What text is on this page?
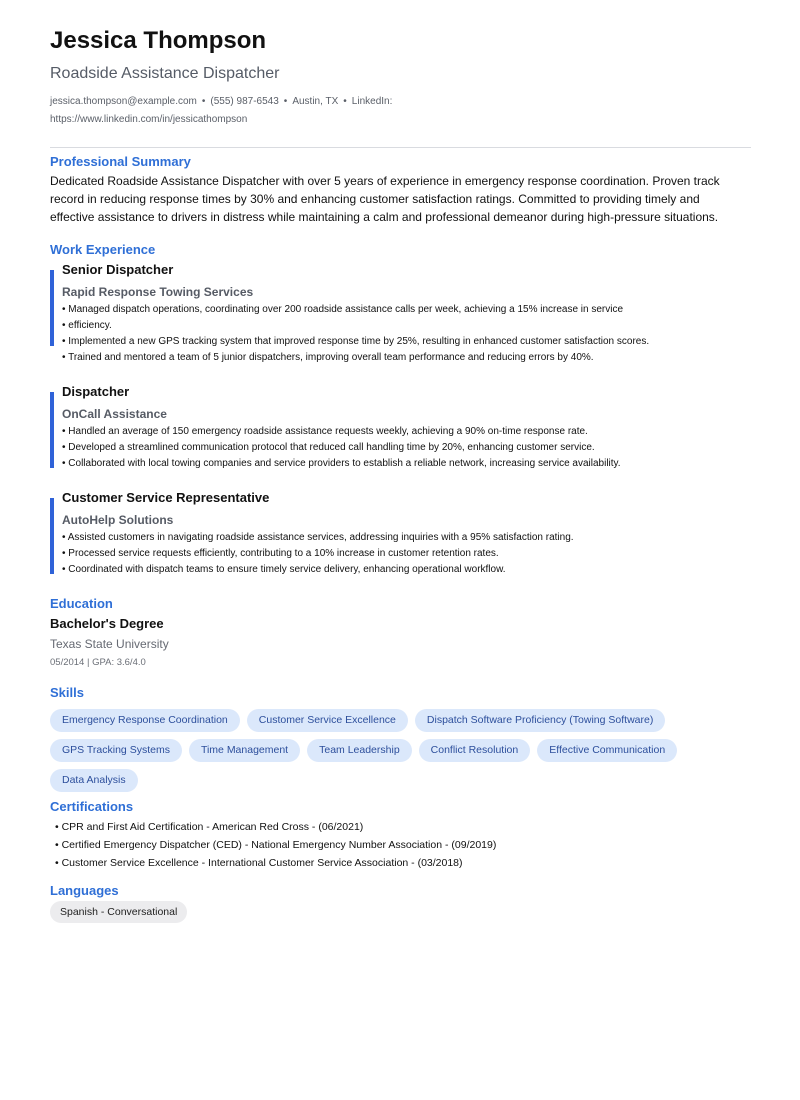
Jessica Thompson
Roadside Assistance Dispatcher
jessica.thompson@example.com • (555) 987-6543 • Austin, TX • LinkedIn:
https://www.linkedin.com/in/jessicathompson
Professional Summary
Dedicated Roadside Assistance Dispatcher with over 5 years of experience in emergency response coordination. Proven track record in reducing response times by 30% and enhancing customer satisfaction ratings. Committed to providing timely and effective assistance to drivers in distress while maintaining a calm and professional demeanor during high-pressure situations.
Work Experience
Senior Dispatcher
Rapid Response Towing Services
• Managed dispatch operations, coordinating over 200 roadside assistance calls per week, achieving a 15% increase in service
• efficiency.
• Implemented a new GPS tracking system that improved response time by 25%, resulting in enhanced customer satisfaction scores.
• Trained and mentored a team of 5 junior dispatchers, improving overall team performance and reducing errors by 40%.
Dispatcher
OnCall Assistance
• Handled an average of 150 emergency roadside assistance requests weekly, achieving a 90% on-time response rate.
• Developed a streamlined communication protocol that reduced call handling time by 20%, enhancing customer service.
• Collaborated with local towing companies and service providers to establish a reliable network, increasing service availability.
Customer Service Representative
AutoHelp Solutions
• Assisted customers in navigating roadside assistance services, addressing inquiries with a 95% satisfaction rating.
• Processed service requests efficiently, contributing to a 10% increase in customer retention rates.
• Coordinated with dispatch teams to ensure timely service delivery, enhancing operational workflow.
Education
Bachelor's Degree
Texas State University
05/2014 | GPA: 3.6/4.0
Skills
Emergency Response Coordination	Customer Service Excellence	Dispatch Software Proficiency (Towing Software)
GPS Tracking Systems	Time Management	Team Leadership	Conflict Resolution	Effective Communication
Data Analysis
Certifications
• CPR and First Aid Certification - American Red Cross - (06/2021)
• Certified Emergency Dispatcher (CED) - National Emergency Number Association - (09/2019)
• Customer Service Excellence - International Customer Service Association - (03/2018)
Languages
Spanish - Conversational
